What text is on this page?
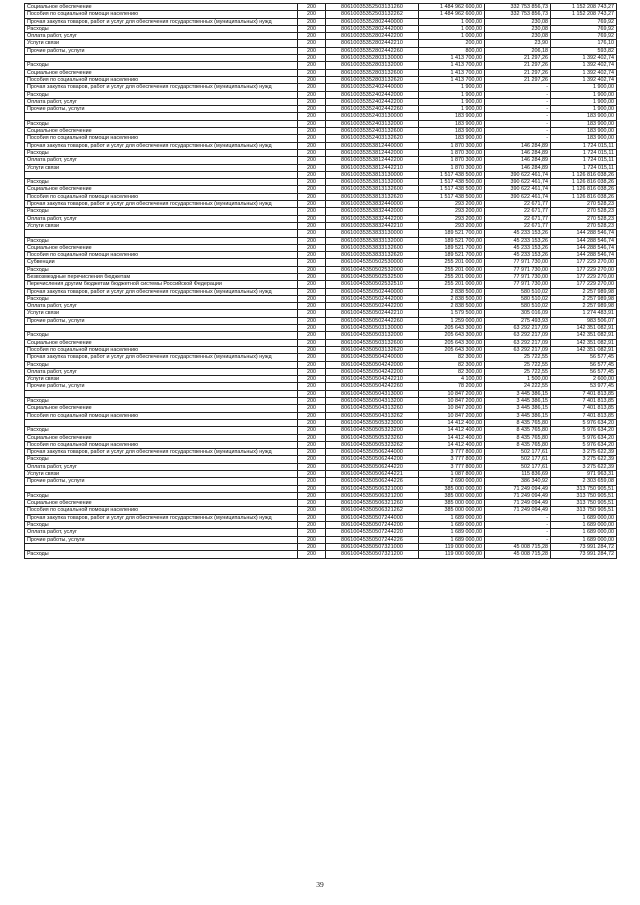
Социальное обеспечение	200	80610035352503131260	1 484 962 600,00	332 753 856,73	1 152 208 743,27
Пособия по социальной помощи населению	200	80610035352503132262	1 484 962 600,00	332 753 856,73	1 152 208 743,27
Прочая закупка товаров, работ и услуг для обеспечения государственных (муниципальных) нужд	200	80610035352802440000	1 000,00	230,08	769,92
Расходы	200	80610035352802442000	1 000,00	230,08	769,92
Оплата работ, услуг	200	80610035352802442200	1 000,00	230,08	769,92
Услуги связи	200	80610035352802442210	200,00	23,90	176,10
Прочие работы, услуги	200	80610035352802442260	800,00	206,18	593,82
	200	80610035352803130000	1 413 700,00	21 297,26	1 392 402,74
Расходы	200	80610035352803132000	1 413 700,00	21 297,26	1 392 402,74
Социальное обеспечение	200	80610035352803132600	1 413 700,00	21 297,26	1 392 402,74
Пособия по социальной помощи населению	200	80610035352803132620	1 413 700,00	21 297,26	1 392 402,74
Прочая закупка товаров, работ и услуг для обеспечения государственных (муниципальных) нужд	200	80610035352402440000	1 900,00	-	1 900,00
Расходы	200	80610035352402442000	1 900,00	-	1 900,00
Оплата работ, услуг	200	80610035352402442200	1 900,00	-	1 900,00
Прочие работы, услуги	200	80610035352402442260	1 900,00	-	1 900,00
	200	80610035352403130000	183 900,00	-	183 900,00
Расходы	200	80610035352403132000	183 900,00	-	183 900,00
Социальное обеспечение	200	80610035352403132600	183 900,00	-	183 900,00
Пособия по социальной помощи населению	200	80610035352403132620	183 900,00	-	183 900,00
Прочая закупка товаров, работ и услуг для обеспечения государственных (муниципальных) нужд	200	80610035353812440000	1 870 300,00	146 284,89	1 724 015,11
Расходы	200	80610035353812442000	1 870 300,00	146 284,89	1 724 015,11
Оплата работ, услуг	200	80610035353812442200	1 870 300,00	146 284,89	1 724 015,11
Услуги связи	200	80610035353812442210	1 870 300,00	146 284,89	1 724 015,11
	200	80610035353813130000	1 517 438 500,00	390 622 461,74	1 126 816 038,26
Расходы	200	80610035353813132000	1 517 438 500,00	390 622 461,74	1 126 816 038,26
Социальное обеспечение	200	80610035353813132600	1 517 438 500,00	390 622 461,74	1 126 816 038,26
Пособия по социальной помощи населению	200	80610035353813132620	1 517 438 500,00	390 622 461,74	1 126 816 038,26
Прочая закупка товаров, работ и услуг для обеспечения государственных (муниципальных) нужд	200	80610035353832440000	293 200,00	22 671,77	270 528,23
Расходы	200	80610035353832442000	293 200,00	22 671,77	270 528,23
Оплата работ, услуг	200	80610035353832442200	293 200,00	22 671,77	270 528,23
Услуги связи	200	80610035353832442210	293 200,00	22 671,77	270 528,23
	200	80610035353833130000	189 521 700,00	45 233 153,26	144 288 546,74
Расходы	200	80610035353833132000	189 521 700,00	45 233 153,26	144 288 546,74
Социальное обеспечение	200	80610035353833132600	189 521 700,00	45 233 153,26	144 288 546,74
Пособия по социальной помощи населению	200	80610035353833132620	189 521 700,00	45 233 153,26	144 288 546,74
Субвенции	200	80610045350502530000	255 201 000,00	77 971 730,00	177 229 270,00
Расходы	200	80610045350502532000	255 201 000,00	77 971 730,00	177 229 270,00
Безвозмездные перечисления бюджетам	200	80610045350502532500	255 201 000,00	77 971 730,00	177 229 270,00
Перечисления другим бюджетам бюджетной системы Российской Федерации	200	80610045350502532510	255 201 000,00	77 971 730,00	177 229 270,00
Прочая закупка товаров, работ и услуг для обеспечения государственных (муниципальных) нужд	200	80610045350502440000	2 838 500,00	580 510,02	2 257 989,98
Расходы	200	80610045350502442000	2 838 500,00	580 510,02	2 257 989,98
Оплата работ, услуг	200	80610045350502442200	2 838 500,00	580 510,02	2 257 989,98
Услуги связи	200	80610045350502442210	1 579 500,00	305 016,09	1 274 483,91
Прочие работы, услуги	200	80610045350502442260	1 259 000,00	275 493,93	983 506,07
	200	80610045350503130000	205 643 300,00	63 292 217,09	142 351 082,91
Расходы	200	80610045350503132000	205 643 300,00	63 292 217,09	142 351 082,91
Социальное обеспечение	200	80610045350503132600	205 643 300,00	63 292 217,09	142 351 082,91
Пособия по социальной помощи населению	200	80610045350503132620	205 643 300,00	63 292 217,09	142 351 082,91
Прочая закупка товаров, работ и услуг для обеспечения государственных (муниципальных) нужд	200	80610045350504240000	82 300,00	25 722,55	56 577,45
Расходы	200	80610045350504242000	82 300,00	25 722,55	56 577,45
Оплата работ, услуг	200	80610045350504242200	82 300,00	25 722,55	56 577,45
Услуги связи	200	80610045350504242210	4 100,00	1 500,00	2 600,00
Прочие работы, услуги	200	80610045350504242260	78 200,00	24 222,55	53 977,45
	200	80610045350504313000	10 847 200,00	3 445 386,15	7 401 813,85
Расходы	200	80610045350504313200	10 847 200,00	3 445 386,15	7 401 813,85
Социальное обеспечение	200	80610045350504313260	10 847 200,00	3 445 386,15	7 401 813,85
Пособия по социальной помощи населению	200	80610045350504313262	10 847 200,00	3 445 386,15	7 401 813,85
	200	80610045350505323000	14 412 400,00	8 435 765,80	5 976 634,20
Расходы	200	80610045350505323200	14 412 400,00	8 435 765,80	5 976 634,20
Социальное обеспечение	200	80610045350505323260	14 412 400,00	8 435 765,80	5 976 634,20
Пособия по социальной помощи населению	200	80610045350505323262	14 412 400,00	8 435 765,80	5 976 634,20
Прочая закупка товаров, работ и услуг для обеспечения государственных (муниципальных) нужд	200	80610045350506244000	3 777 800,00	502 177,61	3 275 622,39
Расходы	200	80610045350506244200	3 777 800,00	502 177,61	3 275 622,39
Оплата работ, услуг	200	80610045350506244220	3 777 800,00	502 177,61	3 275 622,39
Услуги связи	200	80610045350506244221	1 087 800,00	115 836,69	971 963,31
Прочие работы, услуги	200	80610045350506244226	2 690 000,00	386 340,92	2 303 659,08
	200	80610045350506321000	385 000 000,00	71 249 094,49	313 750 905,51
Расходы	200	80610045350506321200	385 000 000,00	71 249 094,49	313 750 905,51
Социальное обеспечение	200	80610045350506321260	385 000 000,00	71 249 094,49	313 750 905,51
Пособия по социальной помощи населению	200	80610045350506321262	385 000 000,00	71 249 094,49	313 750 905,51
Прочая закупка товаров, работ и услуг для обеспечения государственных (муниципальных) нужд	200	80610045350507244000	1 689 000,00	-	1 689 000,00
Расходы	200	80610045350507244200	1 689 000,00	-	1 689 000,00
Оплата работ, услуг	200	80610045350507244220	1 689 000,00	-	1 689 000,00
Прочие работы, услуги	200	80610045350507244226	1 689 000,00	-	1 689 000,00
	200	80610045350507321000	119 000 000,00	45 008 715,28	73 991 284,72
Расходы	200	80610045350507321200	119 000 000,00	45 008 715,28	73 991 284,72
39
